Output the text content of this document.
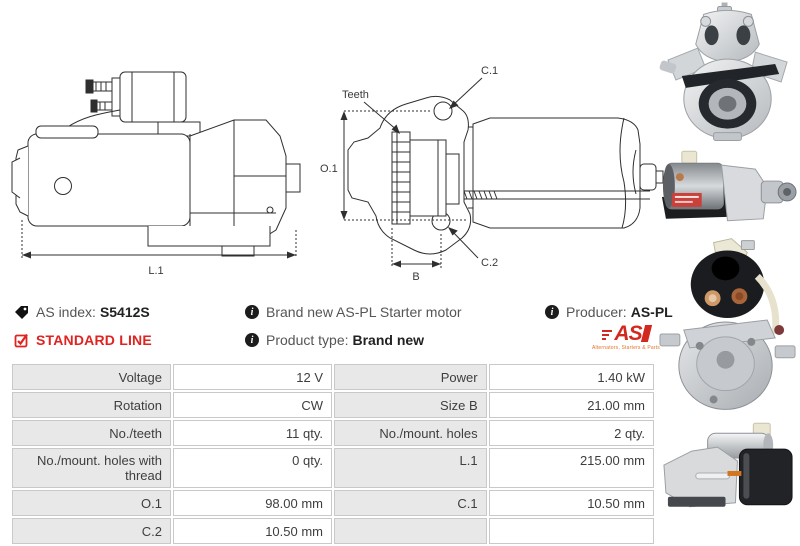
L.1
O.1
B
Teeth
C.1
C.2
AS index: S5412S
STANDARD LINE
i Brand new AS-PL Starter motor
i Product type: Brand new
i Producer: AS-PL
AS
Alternators, Starters & Parts
Voltage	12 V	Power	1.40 kW
Rotation	CW	Size B	21.00 mm
No./teeth	11 qty.	No./mount. holes	2 qty.
No./mount. holes with thread	0 qty.	L.1	215.00 mm
O.1	98.00 mm	C.1	10.50 mm
C.2	10.50 mm		
